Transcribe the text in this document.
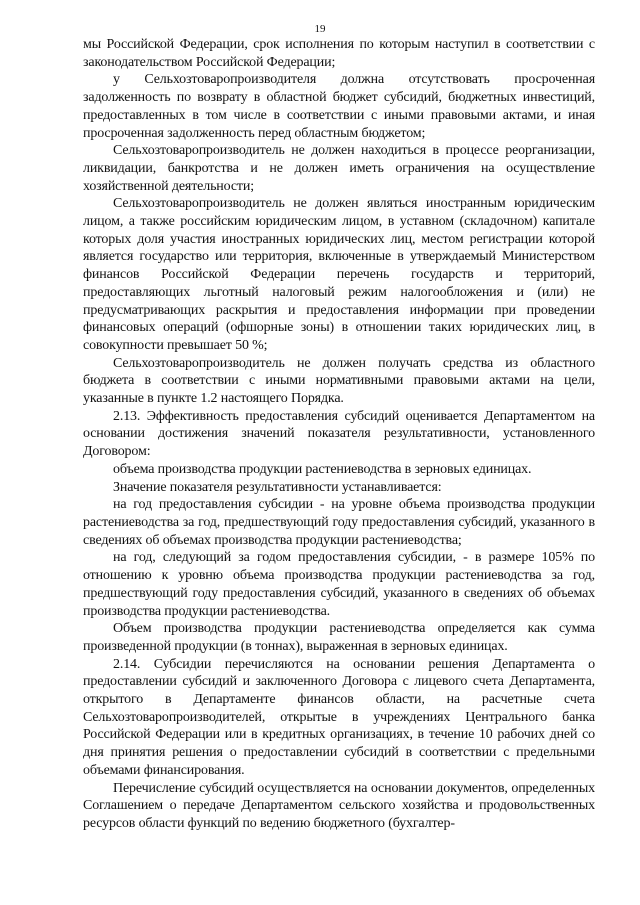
19

мы Российской Федерации, срок исполнения по которым наступил в соответствии с законодательством Российской Федерации;

у Сельхозтоваропроизводителя должна отсутствовать просроченная задолженность по возврату в областной бюджет субсидий, бюджетных инвестиций, предоставленных в том числе в соответствии с иными правовыми актами, и иная просроченная задолженность перед областным бюджетом;

Сельхозтоваропроизводитель не должен находиться в процессе реорганизации, ликвидации, банкротства и не должен иметь ограничения на осуществление хозяйственной деятельности;

Сельхозтоваропроизводитель не должен являться иностранным юридическим лицом, а также российским юридическим лицом, в уставном (складочном) капитале которых доля участия иностранных юридических лиц, местом регистрации которой является государство или территория, включенные в утверждаемый Министерством финансов Российской Федерации перечень государств и территорий, предоставляющих льготный налоговый режим налогообложения и (или) не предусматривающих раскрытия и предоставления информации при проведении финансовых операций (офшорные зоны) в отношении таких юридических лиц, в совокупности превышает 50 %;

Сельхозтоваропроизводитель не должен получать средства из областного бюджета в соответствии с иными нормативными правовыми актами на цели, указанные в пункте 1.2 настоящего Порядка.

2.13. Эффективность предоставления субсидий оценивается Департаментом на основании достижения значений показателя результативности, установленного Договором:

объема производства продукции растениеводства в зерновых единицах.

Значение показателя результативности устанавливается:

на год предоставления субсидии - на уровне объема производства продукции растениеводства за год, предшествующий году предоставления субсидий, указанного в сведениях об объемах производства продукции растениеводства;

на год, следующий за годом предоставления субсидии, - в размере 105% по отношению к уровню объема производства продукции растениеводства за год, предшествующий году предоставления субсидий, указанного в сведениях об объемах производства продукции растениеводства.

Объем производства продукции растениеводства определяется как сумма произведенной продукции (в тоннах), выраженная в зерновых единицах.

2.14. Субсидии перечисляются на основании решения Департамента о предоставлении субсидий и заключенного Договора с лицевого счета Департамента, открытого в Департаменте финансов области, на расчетные счета Сельхозтоваропроизводителей, открытые в учреждениях Центрального банка Российской Федерации или в кредитных организациях, в течение 10 рабочих дней со дня принятия решения о предоставлении субсидий в соответствии с предельными объемами финансирования.

Перечисление субсидий осуществляется на основании документов, определенных Соглашением о передаче Департаментом сельского хозяйства и продовольственных ресурсов области функций по ведению бюджетного (бухгалтер-
